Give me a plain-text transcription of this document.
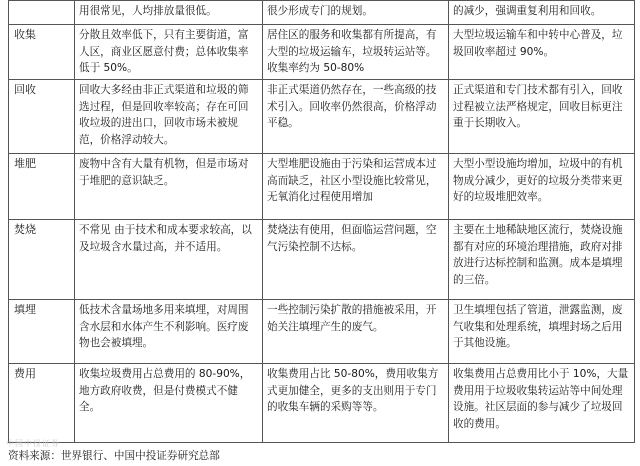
	用很常见，人均排放量很低。	很少形成专门的规划。	的减少，强调重复利用和回收。
收集	分散且效率低下，只有主要街道，富人区，商业区愿意付费；总体收集率低于 50%。	居住区的服务和收集都有所提高，有大型的垃圾运输车，垃圾转运站等。收集率约为 50-80%	大型垃圾运输车和中转中心普及，垃圾回收率超过 90%。
回收	回收大多经由非正式渠道和垃圾的筛选过程，但是回收率较高；存在可回收垃圾的进出口，回收市场未被规范，价格浮动较大。	非正式渠道仍然存在，一些高级的技术引入。回收率仍然很高，价格浮动平稳。	正式渠道和专门技术都有引入，回收过程被立法严格规定，回收目标更注重于长期收入。
堆肥	废物中含有大量有机物，但是市场对于堆肥的意识缺乏。	大型堆肥设施由于污染和运营成本过高而缺乏，社区小型设施比较常见，无氧消化过程使用增加	大型小型设施均增加，垃圾中的有机物成分减少，更好的垃圾分类带来更好的垃圾堆肥效率。
焚烧	不常见 由于技术和成本要求较高，以及垃圾含水量过高，并不适用。	焚烧法有使用，但面临运营问题，空气污染控制不达标。	主要在土地稀缺地区流行，焚烧设施都有对应的环境治理措施，政府对排放进行达标控制和监测。成本是填埋的三倍。
填埋	低技术含量场地多用来填埋，对周围含水层和水体产生不利影响。医疗废物也会被填埋。	一些控制污染扩散的措施被采用，开始关注填埋产生的废气。	卫生填埋包括了管道，泄露监测，废气收集和处理系统，填埋封场之后用于其他设施。
费用	收集垃圾费用占总费用的 80-90%，地方政府收费，但是付费模式不健全。	收集费用占比 50-80%，费用收集方式更加健全，更多的支出则用于专门的收集车辆的采购等等。	收集费用占总费用比小于 10%，大量费用用于垃圾收集转运站等中间处理设施。社区层面的参与减少了垃圾回收的费用。
中国中投证券
资料来源：世界银行、中国中投证券研究总部
